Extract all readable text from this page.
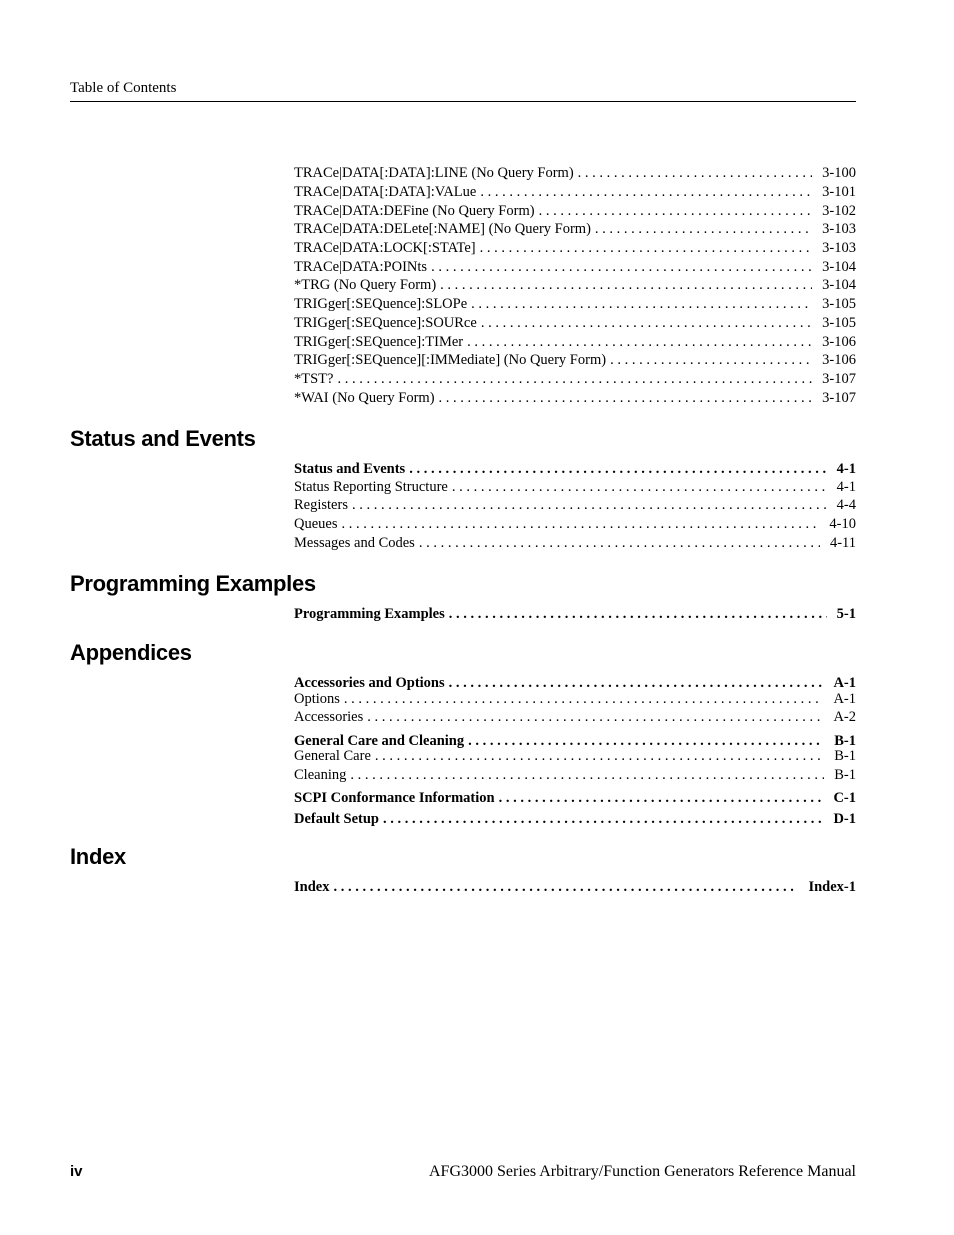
Table of Contents
TRACe|DATA[:DATA]:LINE (No Query Form) . . .	3-100
TRACe|DATA[:DATA]:VALue . . .	3-101
TRACe|DATA:DEFine (No Query Form) . . .	3-102
TRACe|DATA:DELete[:NAME] (No Query Form) . . .	3-103
TRACe|DATA:LOCK[:STATe] . . .	3-103
TRACe|DATA:POINts . . .	3-104
*TRG (No Query Form) . . .	3-104
TRIGger[:SEQuence]:SLOPe . . .	3-105
TRIGger[:SEQuence]:SOURce . . .	3-105
TRIGger[:SEQuence]:TIMer . . .	3-106
TRIGger[:SEQuence][:IMMediate] (No Query Form) . . .	3-106
*TST? . . .	3-107
*WAI (No Query Form) . . .	3-107
Status and Events
Status and Events . . .	4-1
Status Reporting Structure . . .	4-1
Registers . . .	4-4
Queues . . .	4-10
Messages and Codes . . .	4-11
Programming Examples
Programming Examples . . .	5-1
Appendices
Accessories and Options . . .	A-1
Options . . .	A-1
Accessories . . .	A-2
General Care and Cleaning . . .	B-1
General Care . . .	B-1
Cleaning . . .	B-1
SCPI Conformance Information . . .	C-1
Default Setup . . .	D-1
Index
Index . . .	Index-1
iv	AFG3000 Series Arbitrary/Function Generators Reference Manual
